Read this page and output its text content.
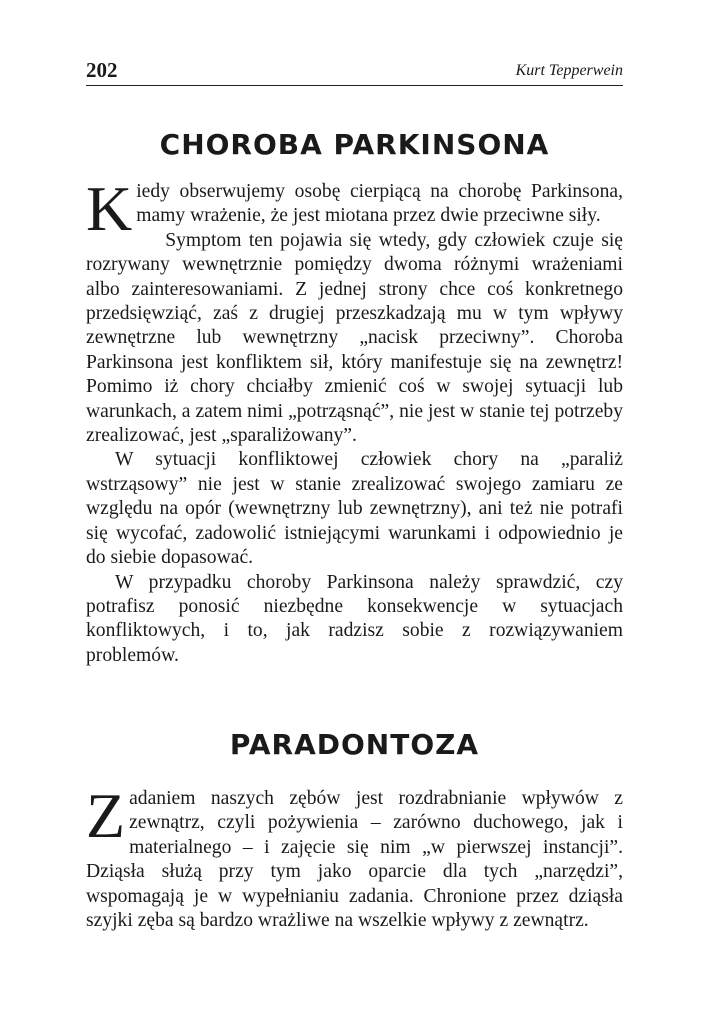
202	Kurt Tepperwein
CHOROBA PARKINSONA

Kiedy obserwujemy osobę cierpiącą na chorobę Parkinsona, mamy wrażenie, że jest miotana przez dwie przeciwne siły.

Symptom ten pojawia się wtedy, gdy człowiek czuje się rozrywany wewnętrznie pomiędzy dwoma różnymi wrażeniami albo zainteresowaniami. Z jednej strony chce coś konkretnego przedsięwziąć, zaś z drugiej przeszkadzają mu w tym wpływy zewnętrzne lub wewnętrzny „nacisk przeciwny”. Choroba Parkinsona jest konfliktem sił, który manifestuje się na zewnętrz! Pomimo iż chory chciałby zmienić coś w swojej sytuacji lub warunkach, a zatem nimi „potrząsnąć”, nie jest w stanie tej potrzeby zrealizować, jest „sparaliżowany”.

W sytuacji konfliktowej człowiek chory na „paraliż wstrząsowy” nie jest w stanie zrealizować swojego zamiaru ze względu na opór (wewnętrzny lub zewnętrzny), ani też nie potrafi się wycofać, zadowolić istniejącymi warunkami i odpowiednio je do siebie dopasować.

W przypadku choroby Parkinsona należy sprawdzić, czy potrafisz ponosić niezbędne konsekwencje w sytuacjach konfliktowych, i to, jak radzisz sobie z rozwiązywaniem problemów.

PARADONTOZA

Zadaniem naszych zębów jest rozdrabnianie wpływów z zewnątrz, czyli pożywienia – zarówno duchowego, jak i materialnego – i zajęcie się nim „w pierwszej instancji”. Dziąsła służą przy tym jako oparcie dla tych „narzędzi”, wspomagają je w wypełnianiu zadania. Chronione przez dziąsła szyjki zęba są bardzo wrażliwe na wszelkie wpływy z zewnątrz.
